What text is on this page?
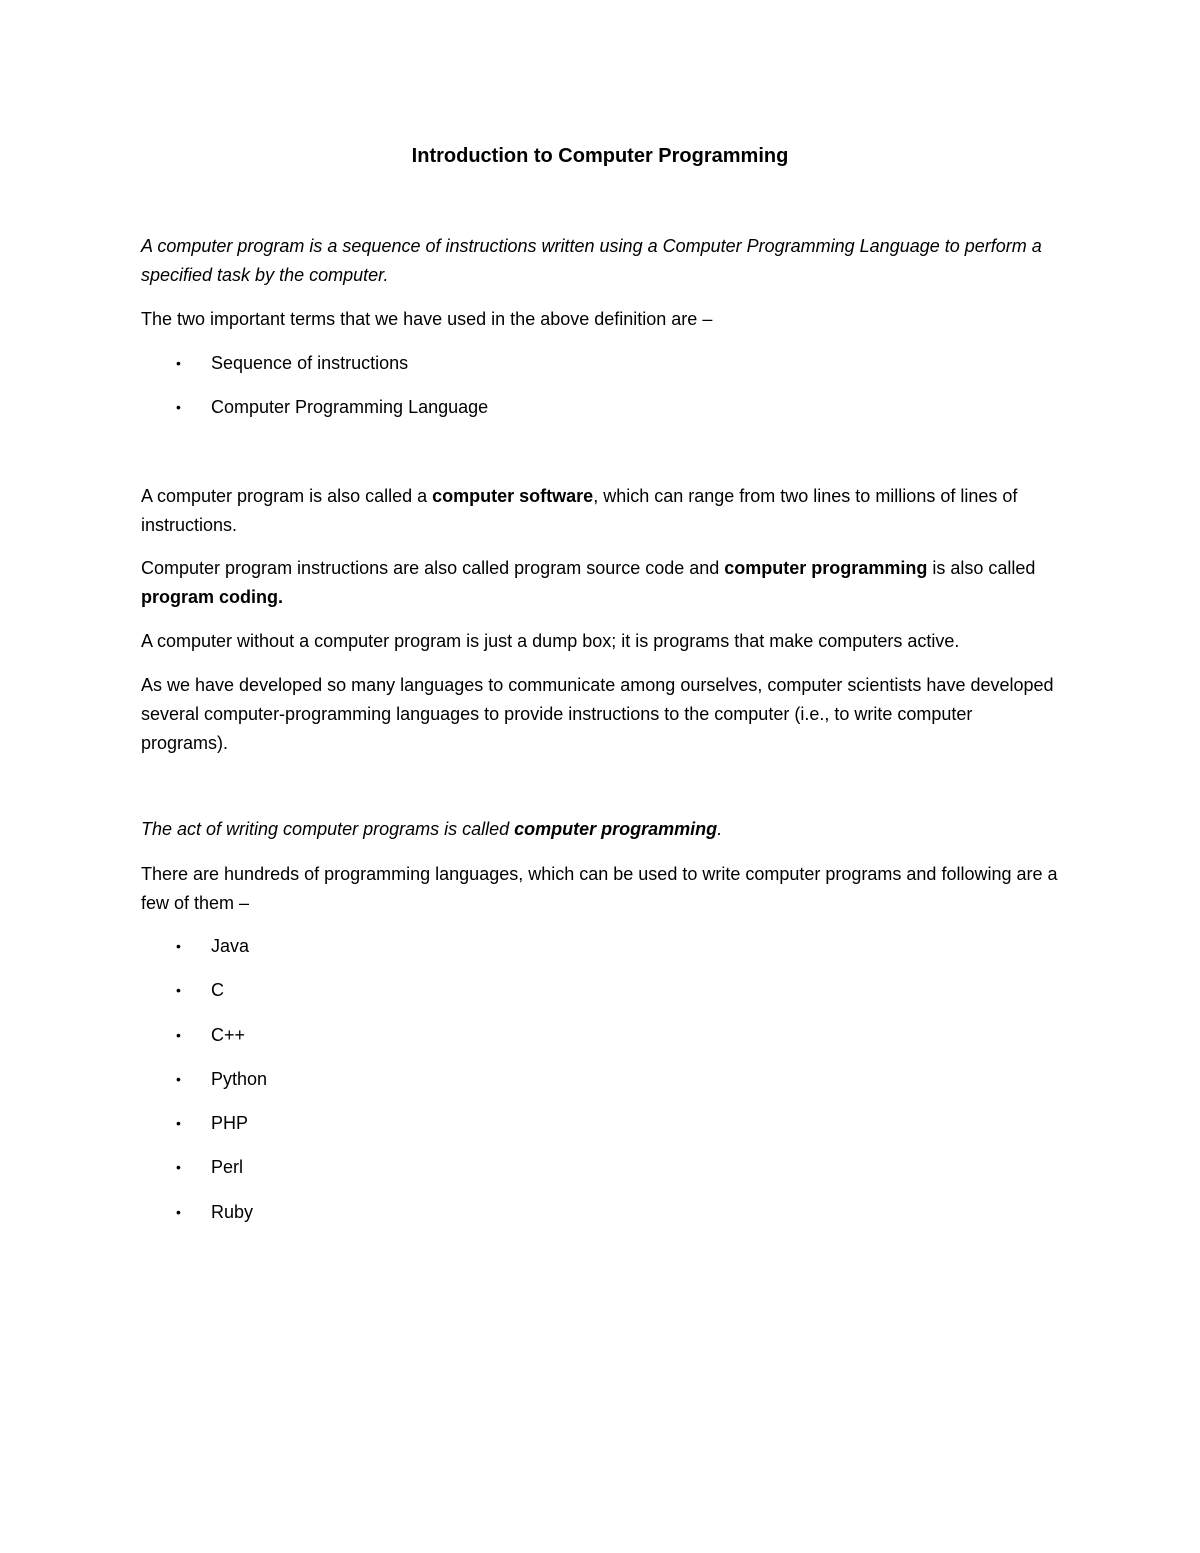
Introduction to Computer Programming

A computer program is a sequence of instructions written using a Computer Programming Language to perform a specified task by the computer.

The two important terms that we have used in the above definition are –

• Sequence of instructions
• Computer Programming Language

A computer program is also called a computer software, which can range from two lines to millions of lines of instructions.

Computer program instructions are also called program source code and computer programming is also called program coding.

A computer without a computer program is just a dump box; it is programs that make computers active.

As we have developed so many languages to communicate among ourselves, computer scientists have developed several computer-programming languages to provide instructions to the computer (i.e., to write computer programs).

The act of writing computer programs is called computer programming.

There are hundreds of programming languages, which can be used to write computer programs and following are a few of them –

• Java
• C
• C++
• Python
• PHP
• Perl
• Ruby
